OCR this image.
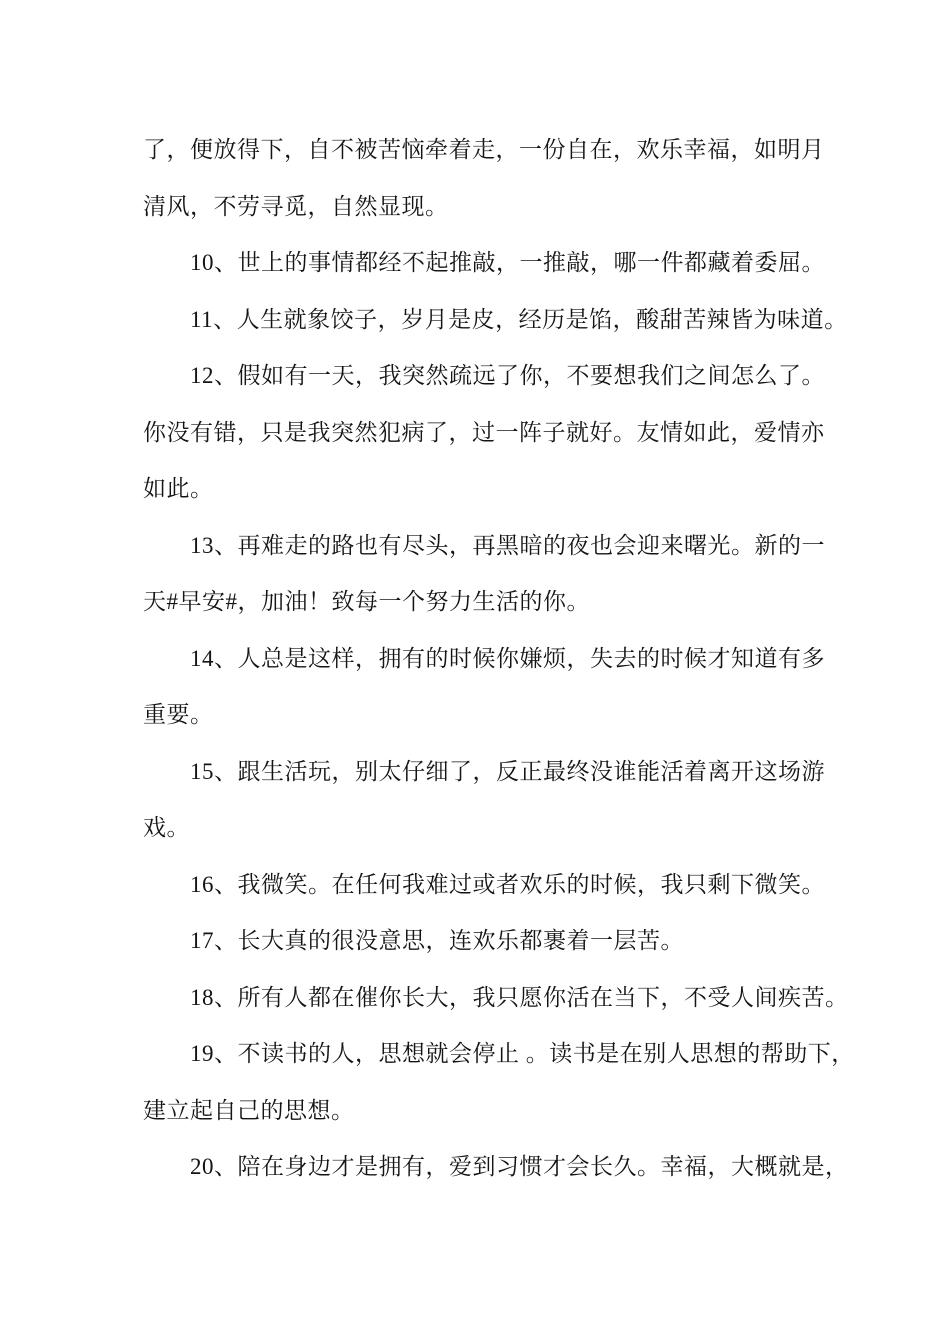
了，便放得下，自不被苦恼牵着走，一份自在，欢乐幸福，如明月
清风，不劳寻觅，自然显现。

10、世上的事情都经不起推敲，一推敲，哪一件都藏着委屈。

11、人生就象饺子，岁月是皮，经历是馅，酸甜苦辣皆为味道。

12、假如有一天，我突然疏远了你，不要想我们之间怎么了。
你没有错，只是我突然犯病了，过一阵子就好。友情如此，爱情亦
如此。

13、再难走的路也有尽头，再黑暗的夜也会迎来曙光。新的一
天#早安#，加油！致每一个努力生活的你。

14、人总是这样，拥有的时候你嫌烦，失去的时候才知道有多
重要。

15、跟生活玩，别太仔细了，反正最终没谁能活着离开这场游
戏。

16、我微笑。在任何我难过或者欢乐的时候，我只剩下微笑。

17、长大真的很没意思，连欢乐都裹着一层苦。

18、所有人都在催你长大，我只愿你活在当下，不受人间疾苦。

19、不读书的人，思想就会停止 。读书是在别人思想的帮助下，
建立起自己的思想。

20、陪在身边才是拥有，爱到习惯才会长久。幸福，大概就是，
